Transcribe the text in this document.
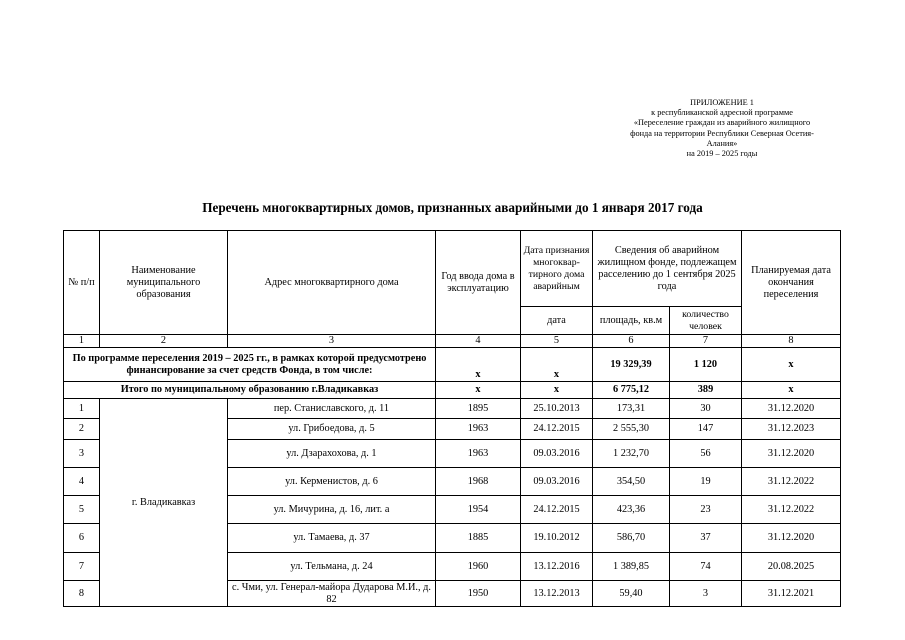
ПРИЛОЖЕНИЕ 1
к республиканской адресной программе
«Переселение граждан из аварийного жилищного
фонда на территории Республики Северная Осетия-
Алания»
на 2019 – 2025 годы
Перечень многоквартирных домов, признанных аварийными до 1 января 2017 года
№ п/п	Наименование муниципального образования	Адрес многоквартирного дома	Год ввода дома в эксплуатацию	Дата признания многоквар-тирного дома аварийным	Сведения об аварийном жилищном фонде, подлежащем расселению до 1 сентября 2025 года		Планируемая дата окончания переселения
				дата	площадь, кв.м	количество человек	
1	2	3	4	5	6	7	8
По программе переселения 2019 – 2025 гг., в рамках которой предусмотрено финансирование за счет средств Фонда, в том числе:			x	x	19 329,39	1 120	x
Итого по муниципальному образованию г.Владикавказ			x	x	6 775,12	389	x
1	г. Владикавказ	пер. Станиславского, д. 11	1895	25.10.2013	173,31	30	31.12.2020
2		ул. Грибоедова, д. 5	1963	24.12.2015	2 555,30	147	31.12.2023
3		ул. Дзарахохова, д. 1	1963	09.03.2016	1 232,70	56	31.12.2020
4		ул. Керменистов, д. 6	1968	09.03.2016	354,50	19	31.12.2022
5		ул. Мичурина, д. 16, лит. а	1954	24.12.2015	423,36	23	31.12.2022
6		ул. Тамаева, д. 37	1885	19.10.2012	586,70	37	31.12.2020
7		ул. Тельмана, д. 24	1960	13.12.2016	1 389,85	74	20.08.2025
8		с. Чми, ул. Генерал-майора Дударова М.И., д. 82	1950	13.12.2013	59,40	3	31.12.2021
